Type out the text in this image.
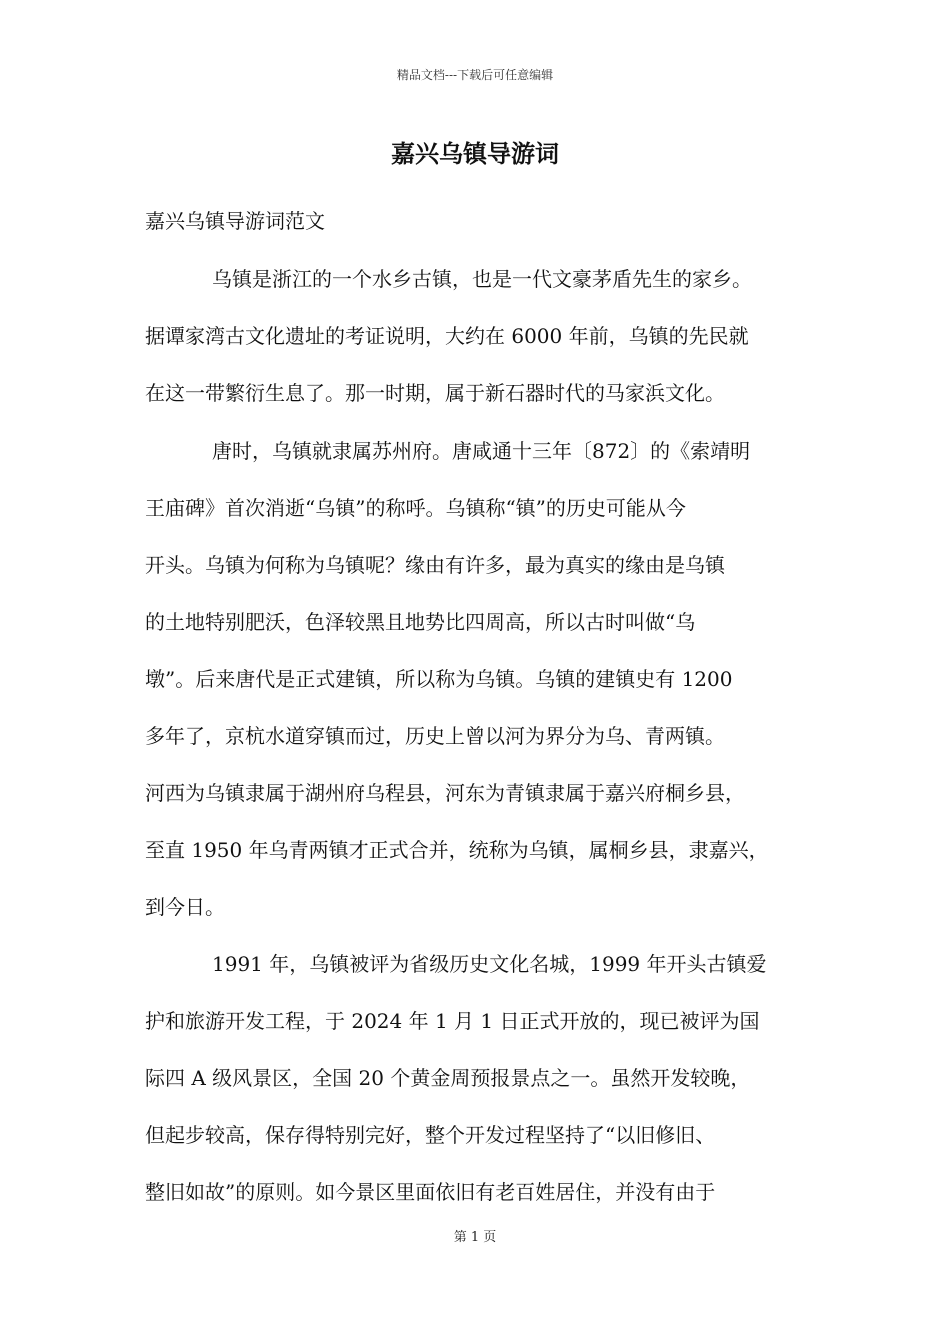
精品文档---下载后可任意编辑
嘉兴乌镇导游词
嘉兴乌镇导游词范文
乌镇是浙江的一个水乡古镇，也是一代文豪茅盾先生的家乡。
据谭家湾古文化遗址的考证说明，大约在 6000 年前，乌镇的先民就
在这一带繁衍生息了。那一时期，属于新石器时代的马家浜文化。
唐时，乌镇就隶属苏州府。唐咸通十三年〔872〕的《索靖明
王庙碑》首次消逝“乌镇”的称呼。乌镇称“镇”的历史可能从今
开头。乌镇为何称为乌镇呢？缘由有许多，最为真实的缘由是乌镇
的土地特别肥沃，色泽较黑且地势比四周高，所以古时叫做“乌
墩”。后来唐代是正式建镇，所以称为乌镇。乌镇的建镇史有 1200
多年了，京杭水道穿镇而过，历史上曾以河为界分为乌、青两镇。
河西为乌镇隶属于湖州府乌程县，河东为青镇隶属于嘉兴府桐乡县，
至直 1950 年乌青两镇才正式合并，统称为乌镇，属桐乡县，隶嘉兴，
到今日。
1991 年，乌镇被评为省级历史文化名城，1999 年开头古镇爱
护和旅游开发工程，于 2024 年 1 月 1 日正式开放的，现已被评为国
际四 A 级风景区，全国 20 个黄金周预报景点之一。虽然开发较晚，
但起步较高，保存得特别完好，整个开发过程坚持了“以旧修旧、
整旧如故”的原则。如今景区里面依旧有老百姓居住，并没有由于
第 1 页
